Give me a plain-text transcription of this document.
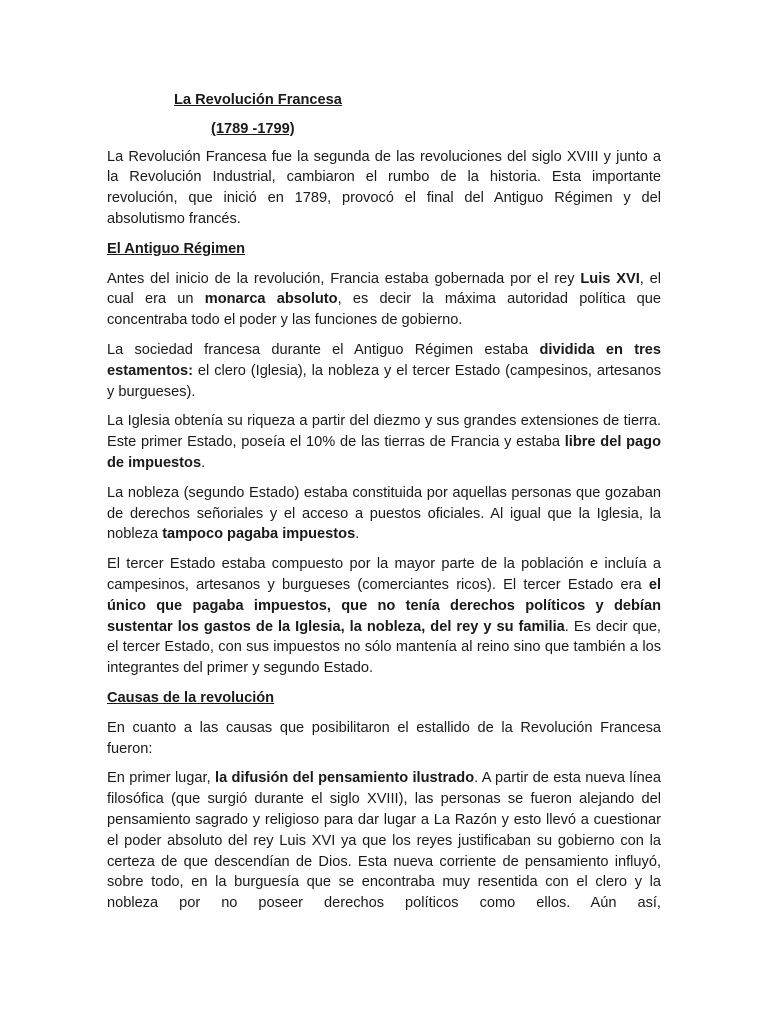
La Revolución Francesa
(1789 -1799)

La Revolución Francesa fue la segunda de las revoluciones del siglo XVIII y junto a la Revolución Industrial, cambiaron el rumbo de la historia. Esta importante revolución, que inició en 1789, provocó el final del Antiguo Régimen y del absolutismo francés.

El Antiguo Régimen

Antes del inicio de la revolución, Francia estaba gobernada por el rey Luis XVI, el cual era un monarca absoluto, es decir la máxima autoridad política que concentraba todo el poder y las funciones de gobierno.

La sociedad francesa durante el Antiguo Régimen estaba dividida en tres estamentos: el clero (Iglesia), la nobleza y el tercer Estado (campesinos, artesanos y burgueses).

La Iglesia obtenía su riqueza a partir del diezmo y sus grandes extensiones de tierra. Este primer Estado, poseía el 10% de las tierras de Francia y estaba libre del pago de impuestos.

La nobleza (segundo Estado) estaba constituida por aquellas personas que gozaban de derechos señoriales y el acceso a puestos oficiales. Al igual que la Iglesia, la nobleza tampoco pagaba impuestos.

El tercer Estado estaba compuesto por la mayor parte de la población e incluía a campesinos, artesanos y burgueses (comerciantes ricos). El tercer Estado era el único que pagaba impuestos, que no tenía derechos políticos y debían sustentar los gastos de la Iglesia, la nobleza, del rey y su familia. Es decir que, el tercer Estado, con sus impuestos no sólo mantenía al reino sino que también a los integrantes del primer y segundo Estado.

Causas de la revolución

En cuanto a las causas que posibilitaron el estallido de la Revolución Francesa fueron:

En primer lugar, la difusión del pensamiento ilustrado. A partir de esta nueva línea filosófica (que surgió durante el siglo XVIII), las personas se fueron alejando del pensamiento sagrado y religioso para dar lugar a La Razón y esto llevó a cuestionar el poder absoluto del rey Luis XVI ya que los reyes justificaban su gobierno con la certeza de que descendían de Dios. Esta nueva corriente de pensamiento influyó, sobre todo, en la burguesía que se encontraba muy resentida con el clero y la nobleza por no poseer derechos políticos como ellos. Aún así,
